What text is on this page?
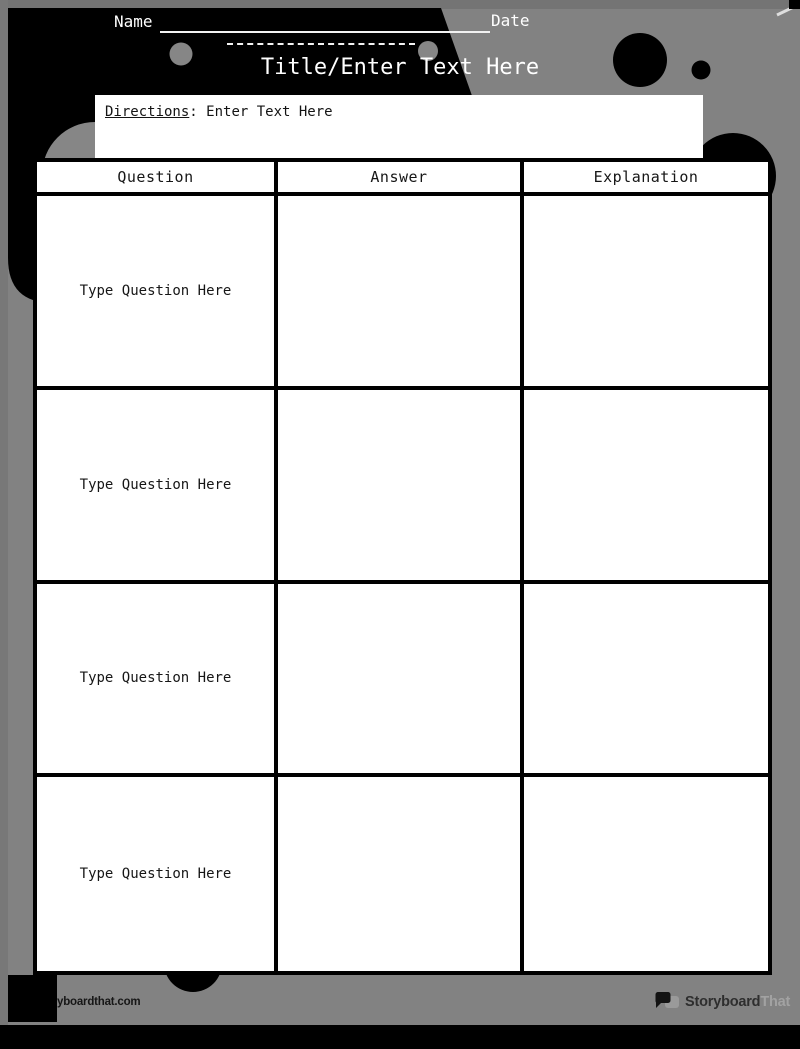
Name	Date
Title/Enter Text Here
Directions: Enter Text Here
Question	Answer	Explanation
Type Question Here
Type Question Here
Type Question Here
Type Question Here
yboardthat.com	Storyboard That
